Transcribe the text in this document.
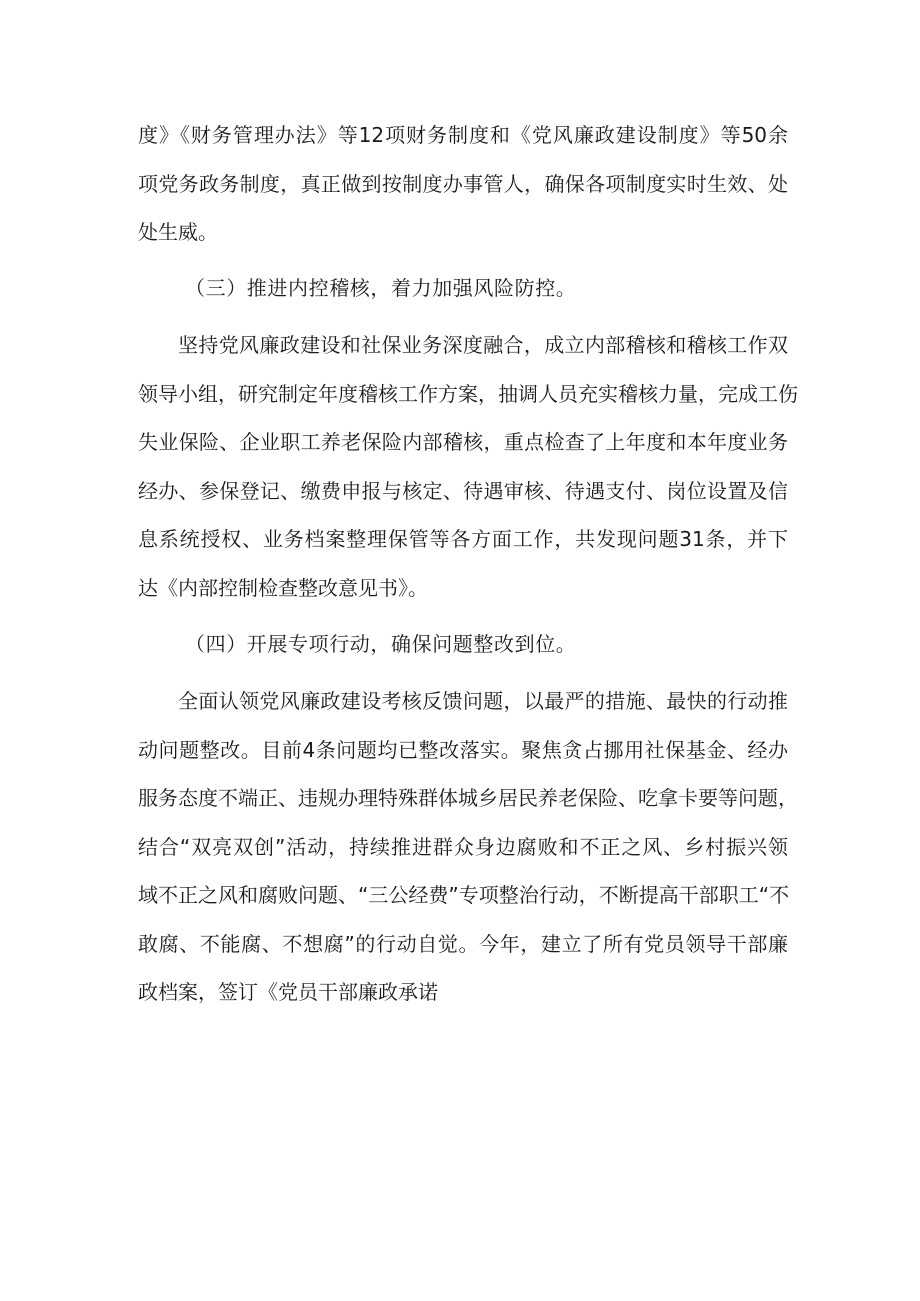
度》《财务管理办法》等12项财务制度和《党风廉政建设制度》等50余
项党务政务制度，真正做到按制度办事管人，确保各项制度实时生效、处
处生威。
（三）推进内控稽核，着力加强风险防控。
坚持党风廉政建设和社保业务深度融合，成立内部稽核和稽核工作双
领导小组，研究制定年度稽核工作方案，抽调人员充实稽核力量，完成工伤
失业保险、企业职工养老保险内部稽核，重点检查了上年度和本年度业务
经办、参保登记、缴费申报与核定、待遇审核、待遇支付、岗位设置及信
息系统授权、业务档案整理保管等各方面工作，共发现问题31条，并下
达《内部控制检查整改意见书》。
（四）开展专项行动，确保问题整改到位。
全面认领党风廉政建设考核反馈问题，以最严的措施、最快的行动推
动问题整改。目前4条问题均已整改落实。聚焦贪占挪用社保基金、经办
服务态度不端正、违规办理特殊群体城乡居民养老保险、吃拿卡要等问题，
结合“双亮双创”活动，持续推进群众身边腐败和不正之风、乡村振兴领
域不正之风和腐败问题、“三公经费”专项整治行动，不断提高干部职工“不
敢腐、不能腐、不想腐”的行动自觉。今年，建立了所有党员领导干部廉
政档案，签订《党员干部廉政承诺
